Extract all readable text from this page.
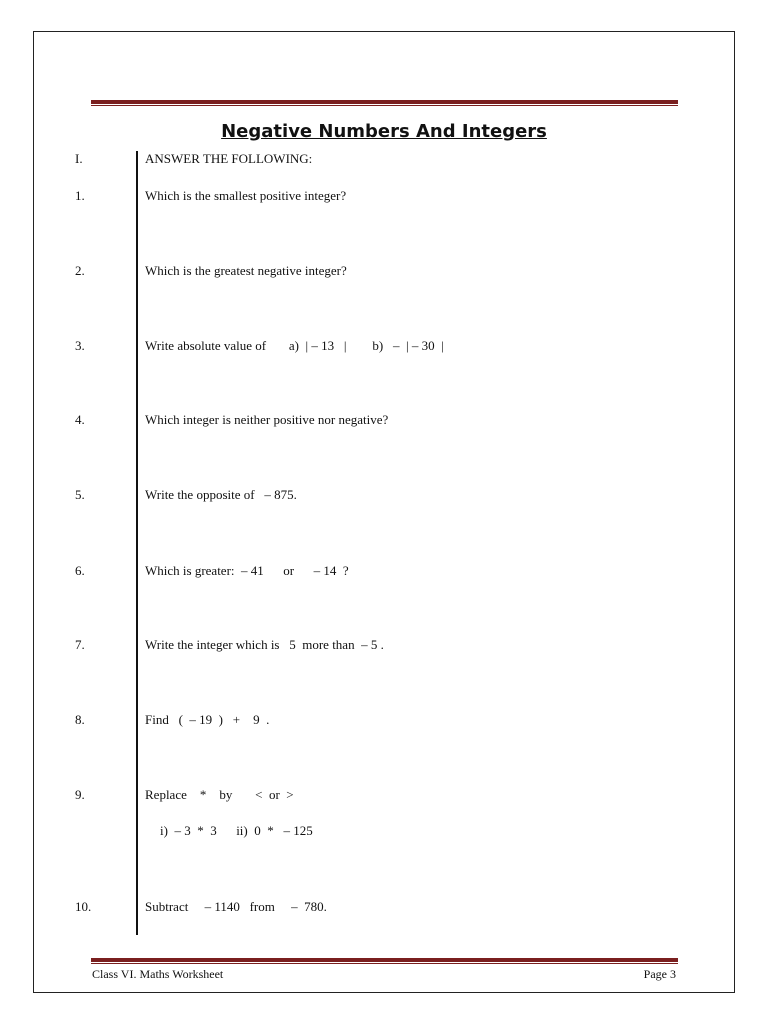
Negative Numbers And Integers
I.	ANSWER THE FOLLOWING:
1.	Which is the smallest positive integer?
2.	Which is the greatest negative integer?
3.	Write absolute value of       a)  | – 13   |        b)   –  | – 30  |
4.	Which integer is neither positive nor negative?
5.	Write the opposite of   – 875.
6.	Which is greater:  – 41      or      – 14  ?
7.	Write the integer which is   5  more than  – 5 .
8.	Find   (  – 19  )   +    9  .
9.	Replace    *    by       <  or  >
i)  – 3  *  3      ii)  0  *   – 125
10.	Subtract     – 1140   from     –  780.
Class VI. Maths Worksheet	Page 3
